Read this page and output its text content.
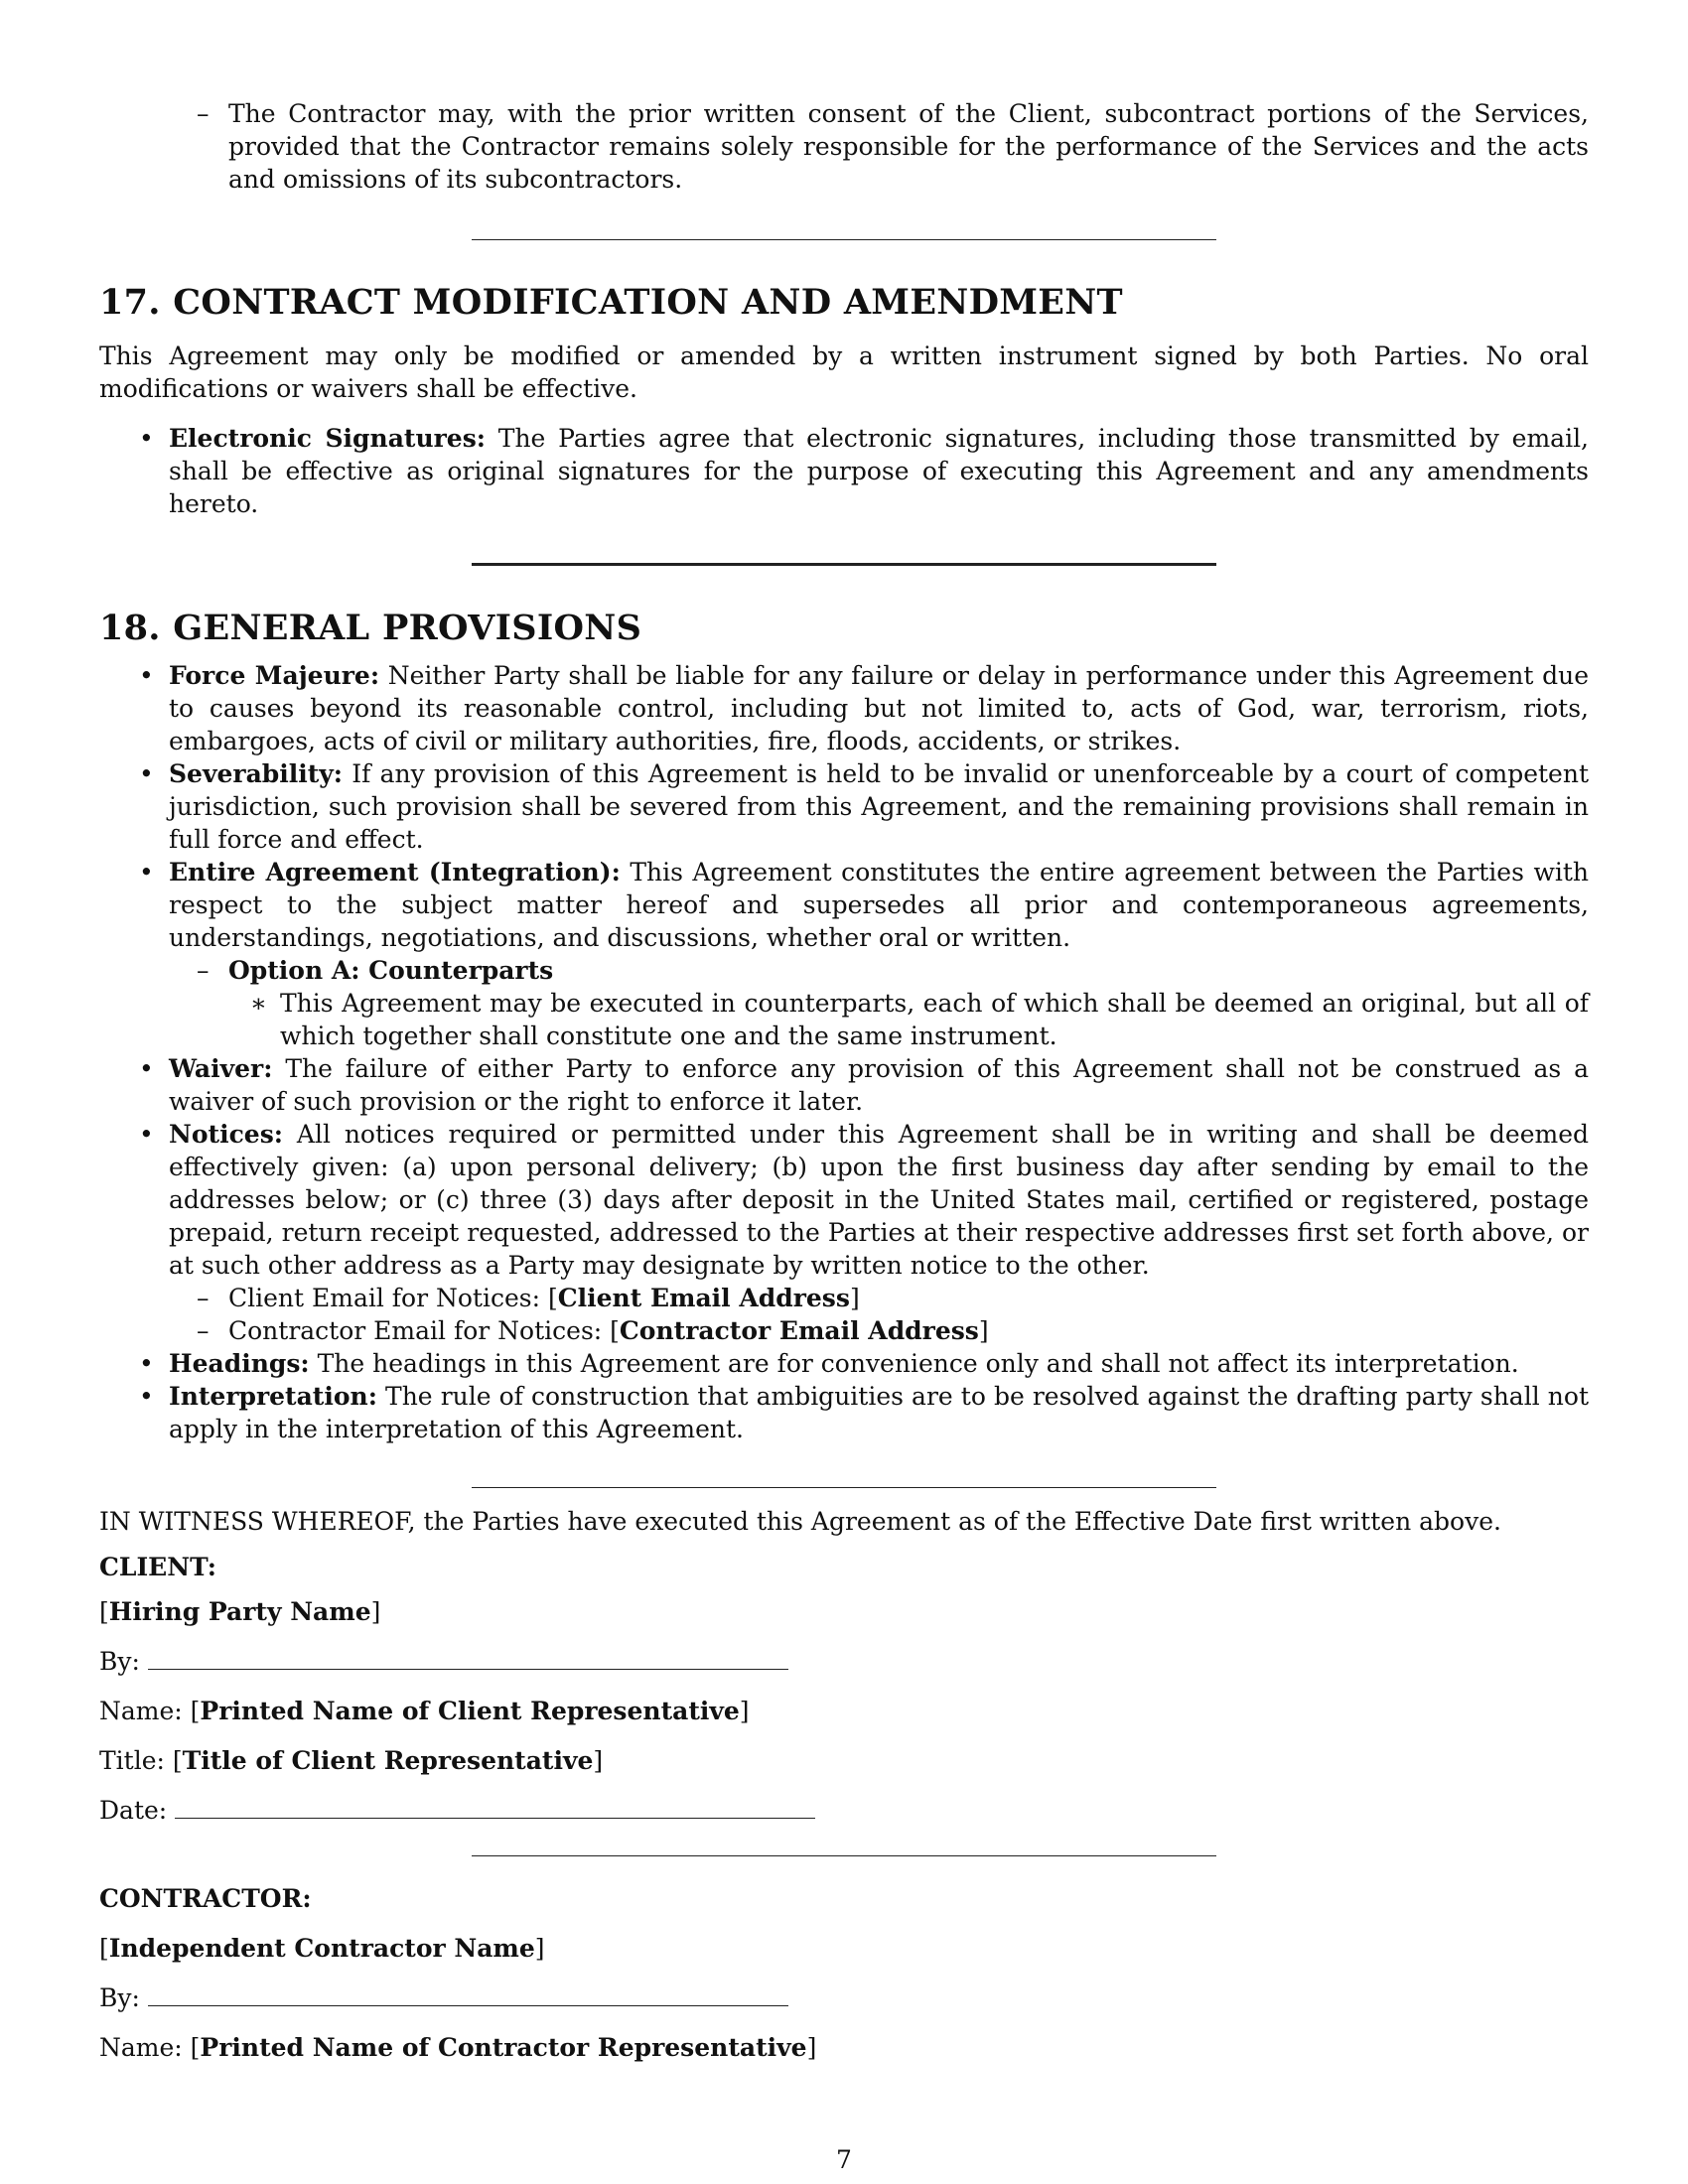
– The Contractor may, with the prior written consent of the Client, subcontract portions of the Services, provided that the Contractor remains solely responsible for the performance of the Services and the acts and omissions of its subcontractors.
17. CONTRACT MODIFICATION AND AMENDMENT

This Agreement may only be modified or amended by a written instrument signed by both Parties. No oral modifications or waivers shall be effective.

• Electronic Signatures: The Parties agree that electronic signatures, including those transmitted by email, shall be effective as original signatures for the purpose of executing this Agreement and any amendments hereto.
18. GENERAL PROVISIONS
• Force Majeure: Neither Party shall be liable for any failure or delay in performance under this Agreement due to causes beyond its reasonable control, including but not limited to, acts of God, war, terrorism, riots, embargoes, acts of civil or military authorities, fire, floods, accidents, or strikes.
• Severability: If any provision of this Agreement is held to be invalid or unenforceable by a court of competent jurisdiction, such provision shall be severed from this Agreement, and the remaining provisions shall remain in full force and effect.
• Entire Agreement (Integration): This Agreement constitutes the entire agreement between the Parties with respect to the subject matter hereof and supersedes all prior and contemporaneous agreements, understandings, negotiations, and discussions, whether oral or written.
– Option A: Counterparts
∗ This Agreement may be executed in counterparts, each of which shall be deemed an original, but all of which together shall constitute one and the same instrument.
• Waiver: The failure of either Party to enforce any provision of this Agreement shall not be construed as a waiver of such provision or the right to enforce it later.
• Notices: All notices required or permitted under this Agreement shall be in writing and shall be deemed effectively given: (a) upon personal delivery; (b) upon the first business day after sending by email to the addresses below; or (c) three (3) days after deposit in the United States mail, certified or registered, postage prepaid, return receipt requested, addressed to the Parties at their respective addresses first set forth above, or at such other address as a Party may designate by written notice to the other.
– Client Email for Notices: [Client Email Address]
– Contractor Email for Notices: [Contractor Email Address]
• Headings: The headings in this Agreement are for convenience only and shall not affect its interpretation.
• Interpretation: The rule of construction that ambiguities are to be resolved against the drafting party shall not apply in the interpretation of this Agreement.

IN WITNESS WHEREOF, the Parties have executed this Agreement as of the Effective Date first written above.

CLIENT:

[Hiring Party Name]

By:

Name: [Printed Name of Client Representative]

Title: [Title of Client Representative]

Date:

CONTRACTOR:

[Independent Contractor Name]

By:

Name: [Printed Name of Contractor Representative]

7
